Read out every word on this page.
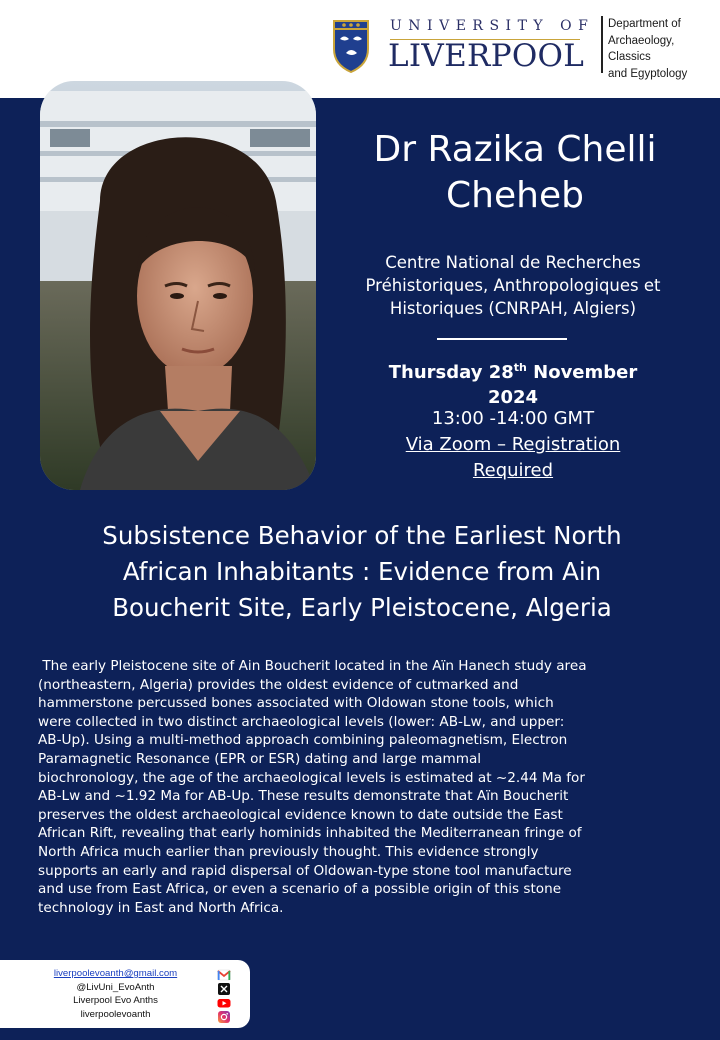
UNIVERSITY OF
LIVERPOOL
Department of
Archaeology, Classics
and Egyptology
Dr Razika Chelli
Cheheb
Centre National de Recherches
Préhistoriques, Anthropologiques et
Historiques (CNRPAH, Algiers)
Thursday 28th November
2024
13:00 -14:00 GMT
Via Zoom – Registration
Required
Subsistence Behavior of the Earliest North
African Inhabitants : Evidence from Ain
Boucherit Site, Early Pleistocene, Algeria
The early Pleistocene site of Ain Boucherit located in the Aïn Hanech study area
(northeastern, Algeria) provides the oldest evidence of cutmarked and
hammerstone percussed bones associated with Oldowan stone tools, which
were collected in two distinct archaeological levels (lower: AB-Lw, and upper:
AB-Up). Using a multi-method approach combining paleomagnetism, Electron
Paramagnetic Resonance (EPR or ESR) dating and large mammal
biochronology, the age of the archaeological levels is estimated at ~2.44 Ma for
AB-Lw and ~1.92 Ma for AB-Up. These results demonstrate that Aïn Boucherit
preserves the oldest archaeological evidence known to date outside the East
African Rift, revealing that early hominids inhabited the Mediterranean fringe of
North Africa much earlier than previously thought. This evidence strongly
supports an early and rapid dispersal of Oldowan-type stone tool manufacture
and use from East Africa, or even a scenario of a possible origin of this stone
technology in East and North Africa.
liverpoolevoanth@gmail.com
@LivUni_EvoAnth
Liverpool Evo Anths
liverpoolevoanth
